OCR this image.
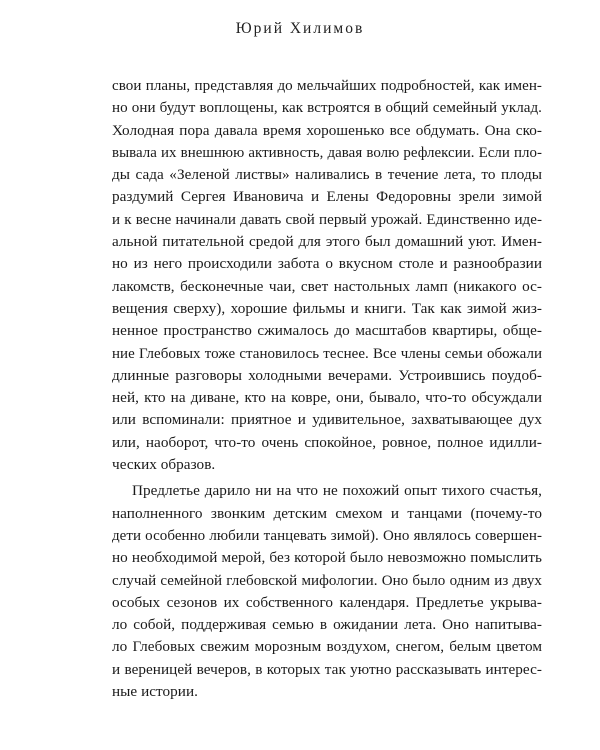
Юрий Хилимов

свои планы, представляя до мельчайших подробностей, как имен-
но они будут воплощены, как встроятся в общий семейный уклад.
Холодная пора давала время хорошенько все обдумать. Она ско-
вывала их внешнюю активность, давая волю рефлексии. Если пло-
ды сада «Зеленой листвы» наливались в течение лета, то плоды
раздумий Сергея Ивановича и Елены Федоровны зрели зимой
и к весне начинали давать свой первый урожай. Единственно иде-
альной питательной средой для этого был домашний уют. Имен-
но из него происходили забота о вкусном столе и разнообразии
лакомств, бесконечные чаи, свет настольных ламп (никакого ос-
вещения сверху), хорошие фильмы и книги. Так как зимой жиз-
ненное пространство сжималось до масштабов квартиры, обще-
ние Глебовых тоже становилось теснее. Все члены семьи обожали
длинные разговоры холодными вечерами. Устроившись поудоб-
ней, кто на диване, кто на ковре, они, бывало, что-то обсуждали
или вспоминали: приятное и удивительное, захватывающее дух
или, наоборот, что-то очень спокойное, ровное, полное идилли-
ческих образов.

Предлетье дарило ни на что не похожий опыт тихого счастья,
наполненного звонким детским смехом и танцами (почему-то
дети особенно любили танцевать зимой). Оно являлось совершен-
но необходимой мерой, без которой было невозможно помыслить
случай семейной глебовской мифологии. Оно было одним из двух
особых сезонов их собственного календаря. Предлетье укрыва-
ло собой, поддерживая семью в ожидании лета. Оно напитыва-
ло Глебовых свежим морозным воздухом, снегом, белым цветом
и вереницей вечеров, в которых так уютно рассказывать интерес-
ные истории.
